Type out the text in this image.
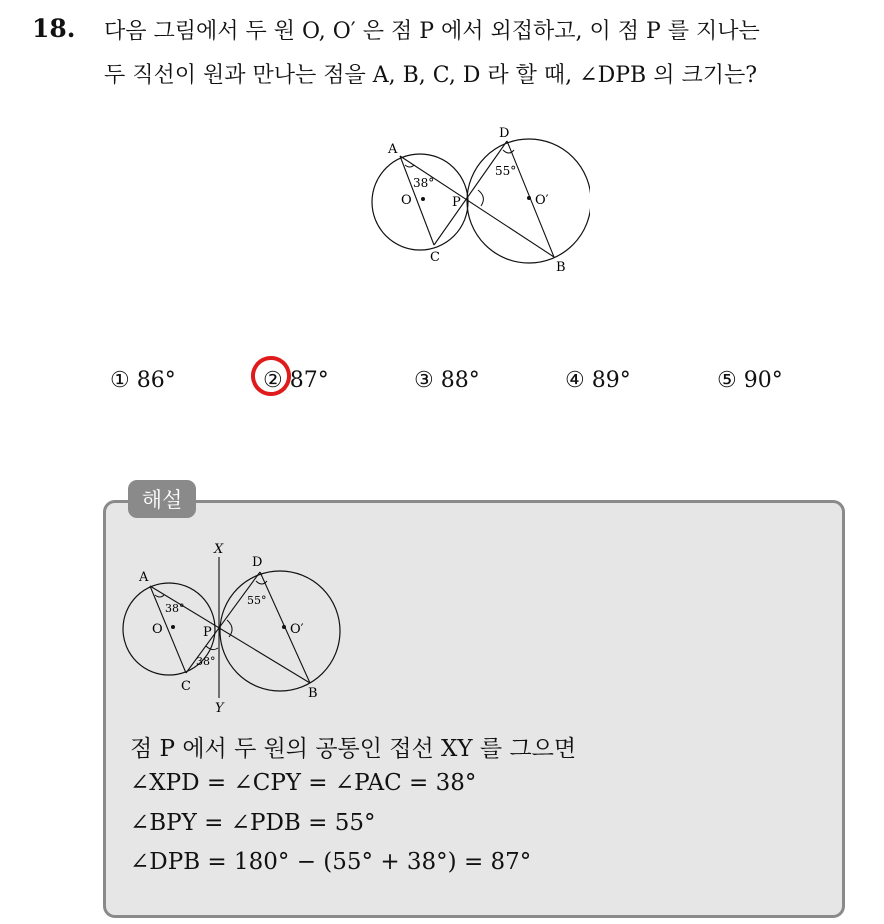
18. 다음 그림에서 두 원 O, O′ 은 점 P 에서 외접하고, 이 점 P 를 지나는
두 직선이 원과 만나는 점을 A, B, C, D 라 할 때, ∠DPB 의 크기는?
A
D
C
B
O	O′
P
38°
55°
① 86°	② 87°	③ 88°	④ 89°	⑤ 90°
해설
X
Y
A
D
C	B
O	O′
P
38°
55°
38°
점 P 에서 두 원의 공통인 접선 XY 를 그으면
∠XPD = ∠CPY = ∠PAC = 38°
∠BPY = ∠PDB = 55°
∠DPB = 180° − (55° + 38°) = 87°
